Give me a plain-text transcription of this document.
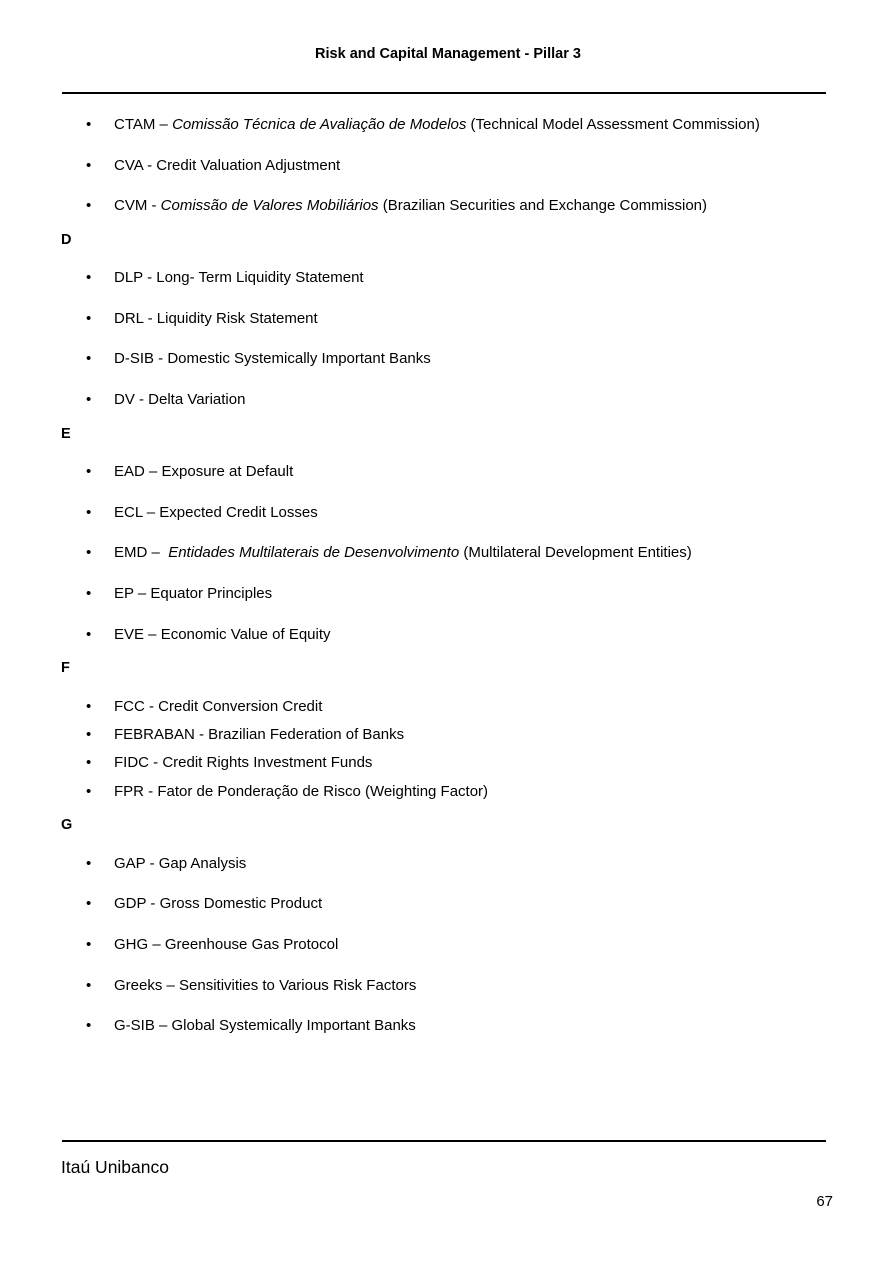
Risk and Capital Management - Pillar 3
• CTAM – Comissão Técnica de Avaliação de Modelos (Technical Model Assessment Commission)
• CVA - Credit Valuation Adjustment
• CVM - Comissão de Valores Mobiliários (Brazilian Securities and Exchange Commission)
D
• DLP - Long- Term Liquidity Statement
• DRL - Liquidity Risk Statement
• D-SIB - Domestic Systemically Important Banks
• DV - Delta Variation
E
• EAD – Exposure at Default
• ECL – Expected Credit Losses
• EMD –  Entidades Multilaterais de Desenvolvimento (Multilateral Development Entities)
• EP – Equator Principles
• EVE – Economic Value of Equity
F
• FCC - Credit Conversion Credit
• FEBRABAN - Brazilian Federation of Banks
• FIDC - Credit Rights Investment Funds
• FPR - Fator de Ponderação de Risco (Weighting Factor)
G
• GAP - Gap Analysis
• GDP - Gross Domestic Product
• GHG – Greenhouse Gas Protocol
• Greeks – Sensitivities to Various Risk Factors
• G-SIB – Global Systemically Important Banks
Itaú Unibanco
67
